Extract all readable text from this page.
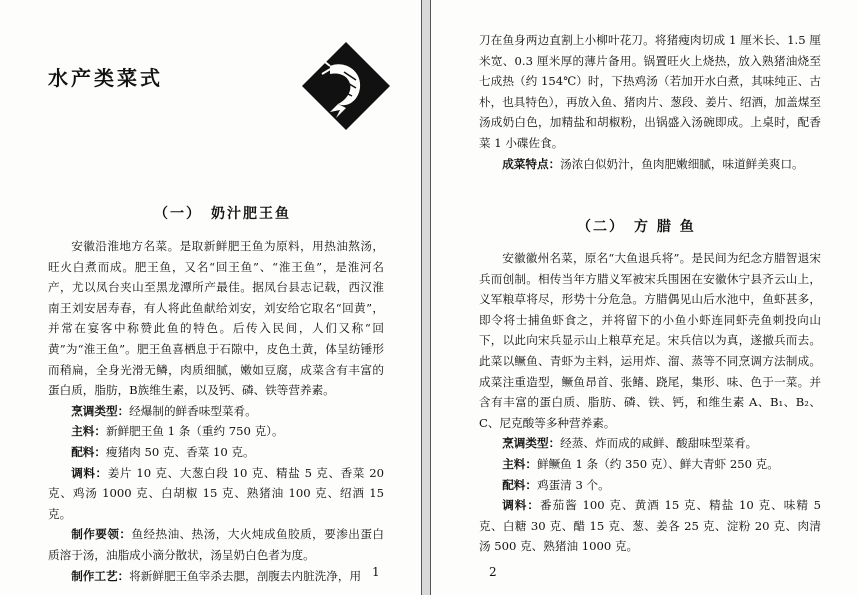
水产类菜式
（一）　奶汁肥王鱼

安徽沿淮地方名菜。是取新鲜肥王鱼为原料，用热油熬汤，旺火白煮而成。肥王鱼，又名“回王鱼”、“淮王鱼”，是淮河名产，尤以凤台夹山至黑龙潭所产最佳。据凤台县志记载，西汉淮南王刘安居寿春，有人将此鱼献给刘安，刘安给它取名“回黄”，并常在宴客中称赞此鱼的特色。后传入民间，人们又称“回黄”为“淮王鱼”。肥王鱼喜栖息于石隙中，皮色土黄，体呈纺锤形而稍扁，全身光滑无鳞，肉质细腻，嫩如豆腐，成菜含有丰富的蛋白质，脂肪，B族维生素，以及钙、磷、铁等营养素。

烹调类型：经爆制的鲜香味型菜肴。

主料：新鲜肥王鱼 1 条（重约 750 克）。

配料：瘦猪肉 50 克、香菜 10 克。

调料：姜片 10 克、大葱白段 10 克、精盐 5 克、香菜 20 克、鸡汤 1000 克、白胡椒 15 克、熟猪油 100 克、绍酒 15 克。

制作要领：鱼经热油、热汤，大火炖成鱼胶质，要渗出蛋白质溶于汤，油脂成小滴分散状，汤呈奶白色者为度。

制作工艺：将新鲜肥王鱼宰杀去腮，剖腹去内脏洗净，用 1

刀在鱼身两边直割上小柳叶花刀。将猪瘦肉切成 1 厘米长、1.5 厘米宽、0.3 厘米厚的薄片备用。锅置旺火上烧热，放入熟猪油烧至七成热（约 154℃）时，下热鸡汤（若加开水白煮，其味纯正、古朴，也具特色），再放入鱼、猪肉片、葱段、姜片、绍酒，加盖煤至汤成奶白色，加精盐和胡椒粉，出锅盛入汤碗即成。上桌时，配香菜 1 小碟佐食。

成菜特点：汤浓白似奶汁，鱼肉肥嫩细腻，味道鲜美爽口。

（二）　方 腊 鱼

安徽徽州名菜，原名“大鱼退兵将”。是民间为纪念方腊智退宋兵而创制。相传当年方腊义军被宋兵围困在安徽休宁县齐云山上，义军粮草将尽，形势十分危急。方腊偶见山后水池中，鱼虾甚多，即令将士捕鱼虾食之，并将留下的小鱼小虾连同虾壳鱼刺投向山下，以此向宋兵显示山上粮草充足。宋兵信以为真，遂撤兵而去。此菜以鳜鱼、青虾为主料，运用炸、溜、蒸等不同烹调方法制成。成菜注重造型，鳜鱼昂首、张鳍、跷尾，集形、味、色于一菜。并含有丰富的蛋白质、脂肪、磷、铁、钙，和维生素 A、B₁、B₂、C、尼克酸等多种营养素。

烹调类型：经蒸、炸而成的咸鲜、酸甜味型菜肴。

主料：鲜鳜鱼 1 条（约 350 克）、鲜大青虾 250 克。

配料：鸡蛋清 3 个。

调料：番茄酱 100 克、黄酒 15 克、精盐 10 克、味精 5 克、白糖 30 克、醋 15 克、葱、姜各 25 克、淀粉 20 克、肉清汤 500 克、熟猪油 1000 克。

2
